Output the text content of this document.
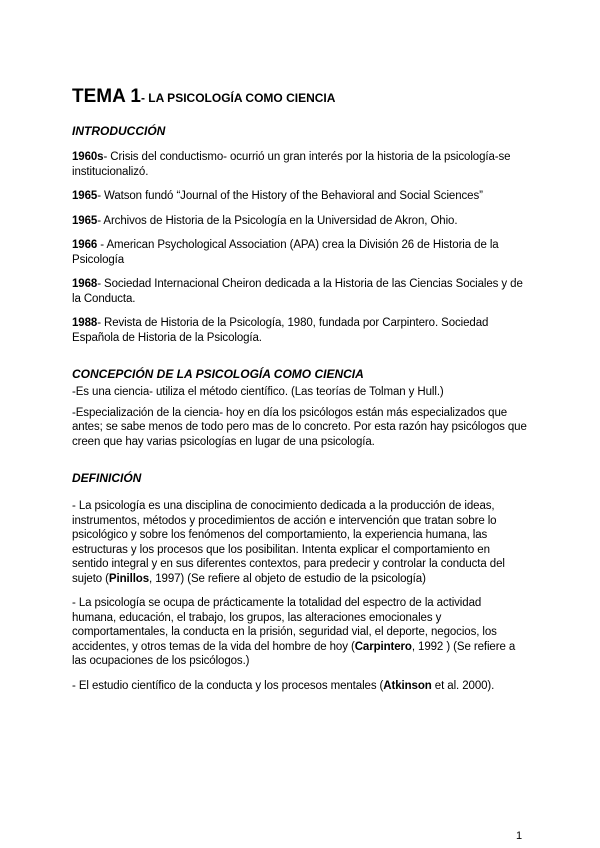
TEMA 1- LA PSICOLOGÍA COMO CIENCIA
INTRODUCCIÓN
1960s- Crisis del conductismo- ocurrió un gran interés por la historia de la psicología-se institucionalizó.
1965- Watson fundó “Journal of the History of the Behavioral and Social Sciences”
1965- Archivos de Historia de la Psicología en la Universidad de Akron, Ohio.
1966 - American Psychological Association (APA) crea la División 26 de Historia de la Psicología
1968- Sociedad Internacional Cheiron dedicada a la Historia de las Ciencias Sociales y de la Conducta.
1988- Revista de Historia de la Psicología, 1980, fundada por Carpintero. Sociedad Española de Historia de la Psicología.
CONCEPCIÓN DE LA PSICOLOGÍA COMO CIENCIA
-Es una ciencia- utiliza el método científico. (Las teorías de Tolman y Hull.)
-Especialización de la ciencia- hoy en día los psicólogos están más especializados que antes; se sabe menos de todo pero mas de lo concreto. Por esta razón hay psicólogos que creen que hay varias psicologías en lugar de una psicología.
DEFINICIÓN
- La psicología es una disciplina de conocimiento dedicada a la producción de ideas, instrumentos, métodos y procedimientos de acción e intervención que tratan sobre lo psicológico y sobre los fenómenos del comportamiento, la experiencia humana, las estructuras y los procesos que los posibilitan. Intenta explicar el comportamiento en sentido integral y en sus diferentes contextos, para predecir y controlar la conducta del sujeto (Pinillos, 1997) (Se refiere al objeto de estudio de la psicología)
- La psicología se ocupa de prácticamente la totalidad del espectro de la actividad humana, educación, el trabajo, los grupos, las alteraciones emocionales y comportamentales, la conducta en la prisión, seguridad vial, el deporte, negocios, los accidentes, y otros temas de la vida del hombre de hoy (Carpintero, 1992 ) (Se refiere a las ocupaciones de los psicólogos.)
- El estudio científico de la conducta y los procesos mentales (Atkinson et al. 2000).
1
